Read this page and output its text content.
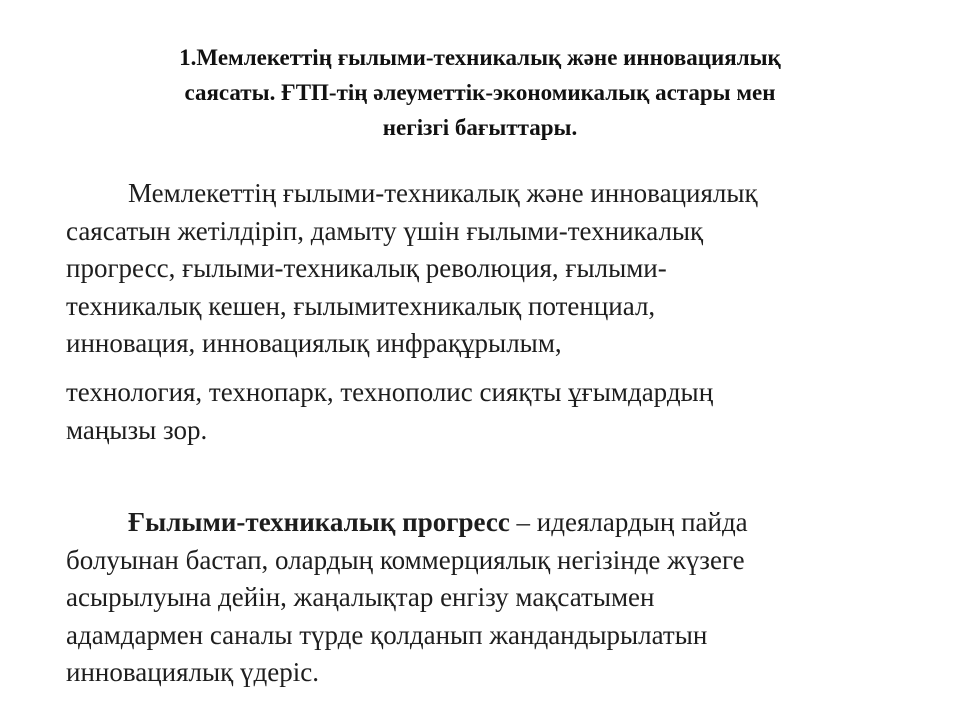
1.Мемлекеттің ғылыми-техникалық және инновациялық
саясаты. ҒТП-тің әлеуметтік-экономикалық астары мен
негізгі бағыттары.

Мемлекеттің ғылыми-техникалық және инновациялық
саясатын жетілдіріп, дамыту үшін ғылыми-техникалық
прогресс, ғылыми-техникалық революция, ғылыми-
техникалық кешен, ғылымитехникалық потенциал,
инновация, инновациялық инфрақұрылым,

технология, технопарк, технополис сияқты ұғымдардың
маңызы зор.

Ғылыми-техникалық прогресс – идеялардың пайда
болуынан бастап, олардың коммерциялық негізінде жүзеге
асырылуына дейін, жаңалықтар енгізу мақсатымен
адамдармен саналы түрде қолданып жандандырылатын
инновациялық үдеріс.
